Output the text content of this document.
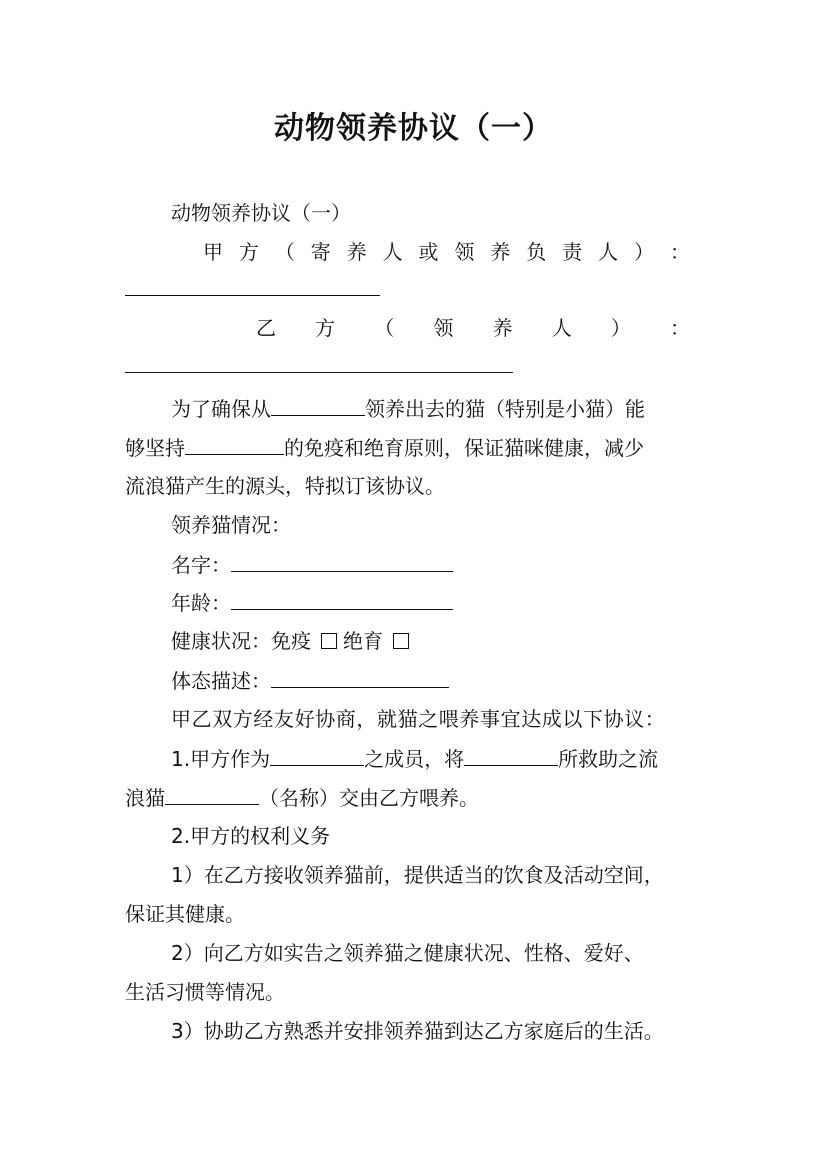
动物领养协议（一）
动物领养协议（一）
甲 方 （ 寄 养 人 或 领 养 负 责 人 ） ：
乙 方 （ 领 养 人 ） ：
为了确保从	领养出去的猫（特别是小猫）能
够坚持	的免疫和绝育原则，保证猫咪健康，减少
流浪猫产生的源头，特拟订该协议。
领养猫情况：
名字：
年龄：
健康状况：免疫 绝育
体态描述：
甲乙双方经友好协商，就猫之喂养事宜达成以下协议：
1.甲方作为	之成员，将	所救助之流
浪猫	（名称）交由乙方喂养。
2.甲方的权利义务
1）在乙方接收领养猫前，提供适当的饮食及活动空间，
保证其健康。
2）向乙方如实告之领养猫之健康状况、性格、爱好、
生活习惯等情况。
3）协助乙方熟悉并安排领养猫到达乙方家庭后的生活。
